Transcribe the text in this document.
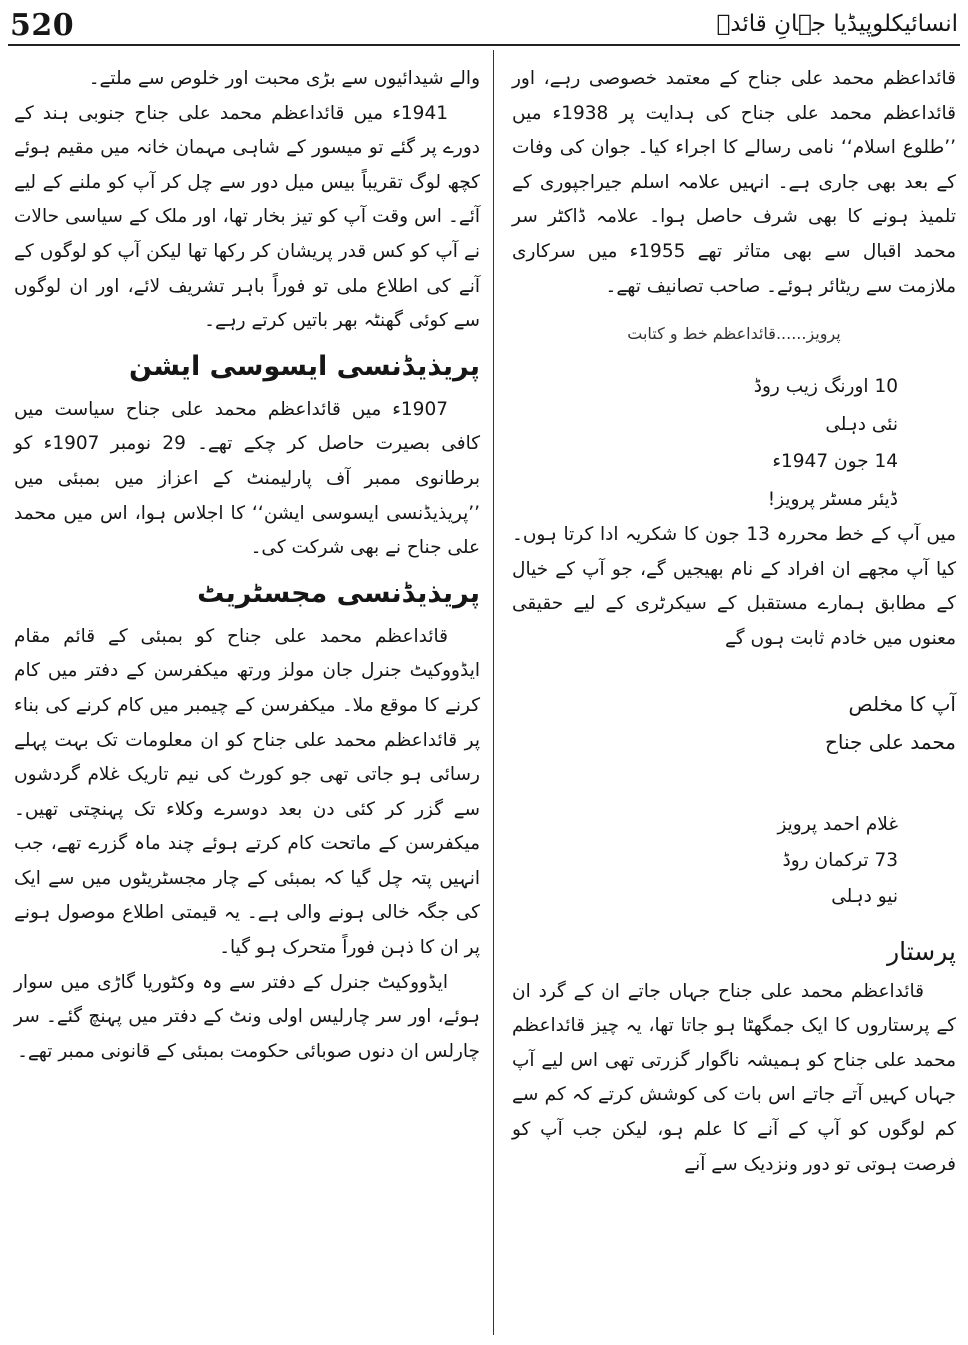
520	انسائیکلوپیڈیا جہانِ قائدؒ

قائداعظم محمد علی جناح کے معتمد خصوصی رہے، اور قائداعظم محمد علی جناح کی ہدایت پر 1938ء میں ’’طلوع اسلام‘‘ نامی رسالے کا اجراء کیا۔ جوان کی وفات کے بعد بھی جاری ہے۔ انہیں علامہ اسلم جیراجپوری کے تلمیذ ہونے کا بھی شرف حاصل ہوا۔ علامہ ڈاکٹر سر محمد اقبال سے بھی متاثر تھے 1955ء میں سرکاری ملازمت سے ریٹائر ہوئے۔ صاحب تصانیف تھے۔

پرویز......قائداعظم خط و کتابت
10 اورنگ زیب روڈ
نئی دہلی
14 جون 1947ء
ڈیئر مسٹر پرویز!

میں آپ کے خط محررہ 13 جون کا شکریہ ادا کرتا ہوں۔ کیا آپ مجھے ان افراد کے نام بھیجیں گے، جو آپ کے خیال کے مطابق ہمارے مستقبل کے سیکرٹری کے لیے حقیقی معنوں میں خادم ثابت ہوں گے

آپ کا مخلص
محمد علی جناح
غلام احمد پرویز
73 ترکمان روڈ
نیو دہلی
پرستار

قائداعظم محمد علی جناح جہاں جاتے ان کے گرد ان کے پرستاروں کا ایک جمگھٹا ہو جاتا تھا، یہ چیز قائداعظم محمد علی جناح کو ہمیشہ ناگوار گزرتی تھی اس لیے آپ جہاں کہیں آتے جاتے اس بات کی کوشش کرتے کہ کم سے کم لوگوں کو آپ کے آنے کا علم ہو، لیکن جب آپ کو فرصت ہوتی تو دور ونزدیک سے آنے

والے شیدائیوں سے بڑی محبت اور خلوص سے ملتے۔

1941ء میں قائداعظم محمد علی جناح جنوبی ہند کے دورے پر گئے تو میسور کے شاہی مہمان خانہ میں مقیم ہوئے کچھ لوگ تقریباً بیس میل دور سے چل کر آپ کو ملنے کے لیے آئے۔ اس وقت آپ کو تیز بخار تھا، اور ملک کے سیاسی حالات نے آپ کو کس قدر پریشان کر رکھا تھا لیکن آپ کو لوگوں کے آنے کی اطلاع ملی تو فوراً باہر تشریف لائے، اور ان لوگوں سے کوئی گھنٹہ بھر باتیں کرتے رہے۔

پریذیڈنسی ایسوسی ایشن

1907ء میں قائداعظم محمد علی جناح سیاست میں کافی بصیرت حاصل کر چکے تھے۔ 29 نومبر 1907ء کو برطانوی ممبر آف پارلیمنٹ کے اعزاز میں بمبئی میں ’’پریذیڈنسی ایسوسی ایشن‘‘ کا اجلاس ہوا، اس میں محمد علی جناح نے بھی شرکت کی۔

پریذیڈنسی مجسٹریٹ

قائداعظم محمد علی جناح کو بمبئی کے قائم مقام ایڈووکیٹ جنرل جان مولز ورتھ میکفرسن کے دفتر میں کام کرنے کا موقع ملا۔ میکفرسن کے چیمبر میں کام کرنے کی بناء پر قائداعظم محمد علی جناح کو ان معلومات تک بہت پہلے رسائی ہو جاتی تھی جو کورٹ کی نیم تاریک غلام گردشوں سے گزر کر کئی دن بعد دوسرے وکلاء تک پہنچتی تھیں۔ میکفرسن کے ماتحت کام کرتے ہوئے چند ماہ گزرے تھے، جب انہیں پتہ چل گیا کہ بمبئی کے چار مجسٹریٹوں میں سے ایک کی جگہ خالی ہونے والی ہے۔ یہ قیمتی اطلاع موصول ہونے پر ان کا ذہن فوراً متحرک ہو گیا۔

ایڈووکیٹ جنرل کے دفتر سے وہ وکٹوریا گاڑی میں سوار ہوئے، اور سر چارلیس اولی ونٹ کے دفتر میں پہنچ گئے۔ سر چارلس ان دنوں صوبائی حکومت بمبئی کے قانونی ممبر تھے۔
